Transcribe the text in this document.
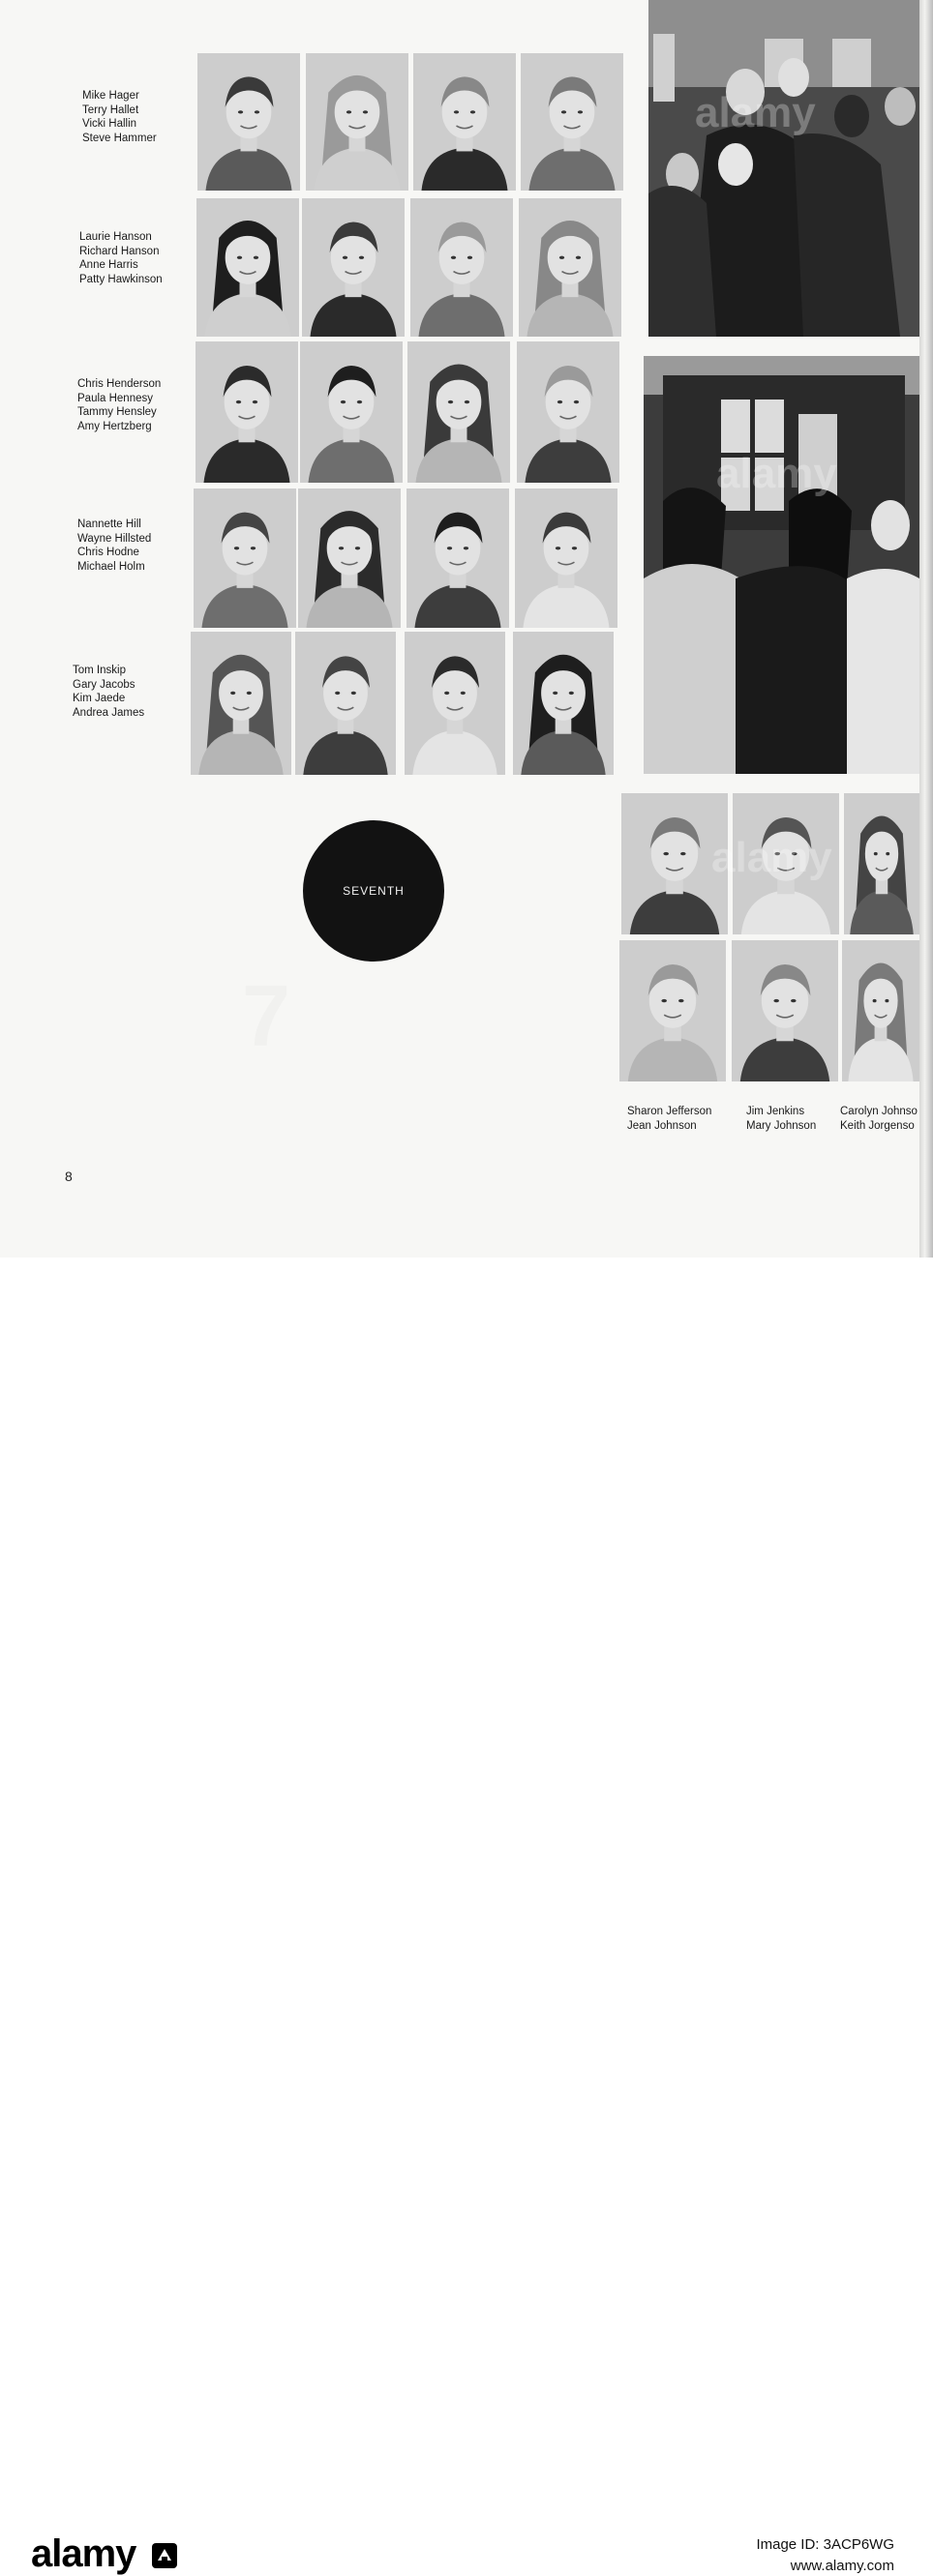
7
Mike Hager
Terry Hallet
Vicki Hallin
Steve Hammer
Laurie Hanson
Richard Hanson
Anne Harris
Patty Hawkinson
Chris Henderson
Paula Hennesy
Tammy Hensley
Amy Hertzberg
Nannette Hill
Wayne Hillsted
Chris Hodne
Michael Holm
Tom Inskip
Gary Jacobs
Kim Jaede
Andrea James
SEVENTH
Sharon Jefferson
Jean Johnson
Jim Jenkins
Mary Johnson
Carolyn Johnso
Keith Jorgenso
8
alamy
alamy
alamy
alamy	Image ID: 3ACP6WG
www.alamy.com
